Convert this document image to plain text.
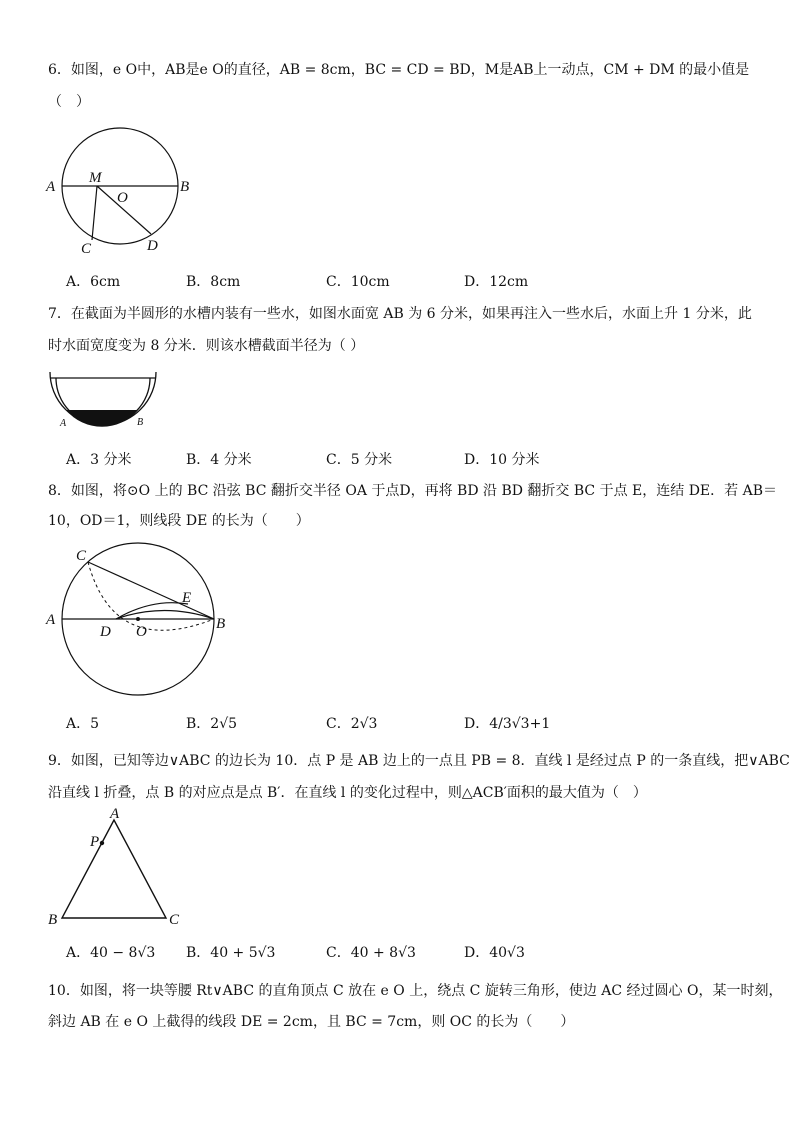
6．如图，e O中，AB是e O的直径，AB = 8cm，BC = CD = BD，M是AB上一动点，CM + DM 的最小值是
（　）
A
M
O
B
C	D
A．6cm	B．8cm	C．10cm	D．12cm
7．在截面为半圆形的水槽内装有一些水，如图水面宽 AB 为 6 分米，如果再注入一些水后，水面上升 1 分米，此
时水面宽度变为 8 分米．则该水槽截面半径为（ ）
A	B
A．3 分米	B．4 分米	C．5 分米	D．10 分米
8．如图，将⊙O 上的 BC 沿弦 BC 翻折交半径 OA 于点D，再将 BD 沿 BD 翻折交 BC 于点 E，连结 DE．若 AB＝
10，OD＝1，则线段 DE 的长为（　　）
C
E
A
D O	B
A．5	B．2√5	C．2√3	D．4/3√3+1
9．如图，已知等边∨ABC 的边长为 10．点 P 是 AB 边上的一点且 PB = 8．直线 l 是经过点 P 的一条直线，把∨ABC
沿直线 l 折叠，点 B 的对应点是点 B′．在直线 l 的变化过程中，则△ACB′面积的最大值为（　）
A
P
B	C
A．40 − 8√3 B．40 + 5√3	C．40 + 8√3	D．40√3
10．如图，将一块等腰 Rt∨ABC 的直角顶点 C 放在 e O 上，绕点 C 旋转三角形，使边 AC 经过圆心 O，某一时刻，
斜边 AB 在 e O 上截得的线段 DE = 2cm，且 BC = 7cm，则 OC 的长为（　　）
